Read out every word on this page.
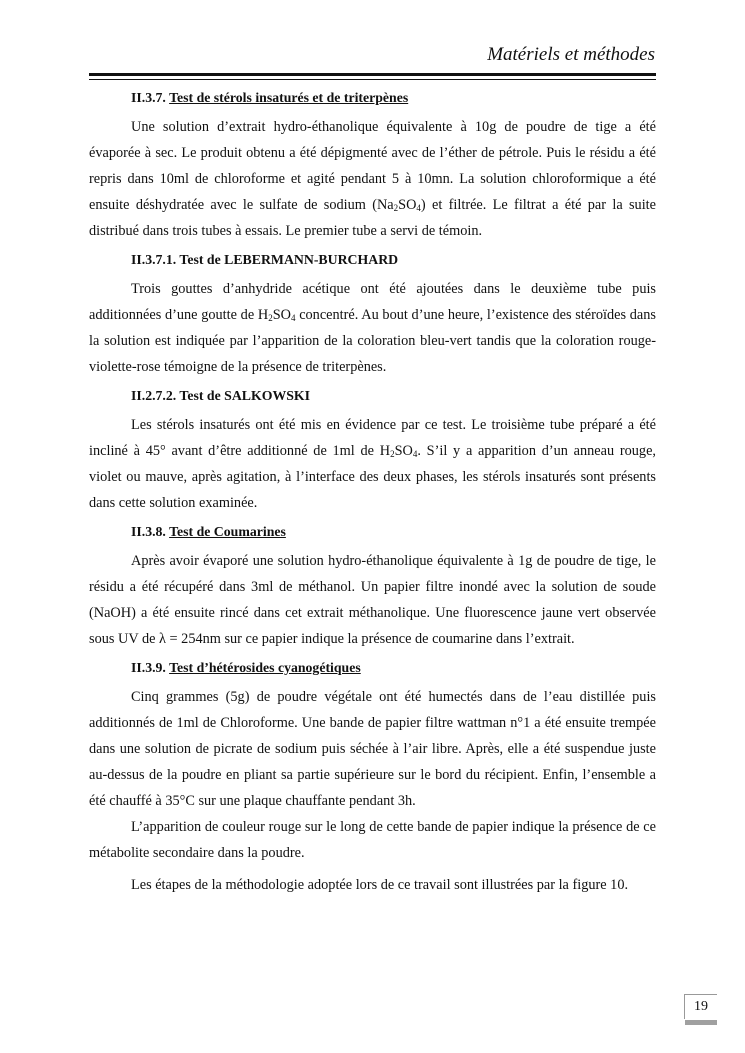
Matériels et méthodes
II.3.7. Test de stérols insaturés et de triterpènes

Une solution d’extrait hydro-éthanolique équivalente à 10g de poudre de tige a été évaporée à sec. Le produit obtenu a été dépigmenté avec de l’éther de pétrole. Puis le résidu a été repris dans 10ml de chloroforme et agité pendant 5 à 10mn. La solution chloroformique a été ensuite déshydratée avec le sulfate de sodium $(Na_2SO_4)$ et filtrée. Le filtrat a été par la suite distribué dans trois tubes à essais. Le premier tube a servi de témoin.

II.3.7.1. Test de LEBERMANN-BURCHARD

Trois gouttes d’anhydride acétique ont été ajoutées dans le deuxième tube puis additionnées d’une goutte de $H_2SO_4$ concentré. Au bout d’une heure, l’existence des stéroïdes dans la solution est indiquée par l’apparition de la coloration bleu-vert tandis que la coloration rouge-violette-rose témoigne de la présence de triterpènes.

II.2.7.2. Test de SALKOWSKI

Les stérols insaturés ont été mis en évidence par ce test. Le troisième tube préparé a été incliné à 45° avant d’être additionné de 1ml de $H_2SO_4$. S’il y a apparition d’un anneau rouge, violet ou mauve, après agitation, à l’interface des deux phases, les stérols insaturés sont présents dans cette solution examinée.

II.3.8. Test de Coumarines

Après avoir évaporé une solution hydro-éthanolique équivalente à 1g de poudre de tige, le résidu a été récupéré dans 3ml de méthanol. Un papier filtre inondé avec la solution de soude (NaOH) a été ensuite rincé dans cet extrait méthanolique. Une fluorescence jaune vert observée sous UV de λ = 254nm sur ce papier indique la présence de coumarine dans l’extrait.

II.3.9. Test d’hétérosides cyanogétiques

Cinq grammes (5g) de poudre végétale ont été humectés dans de l’eau distillée puis additionnés de 1ml de Chloroforme. Une bande de papier filtre wattman n°1 a été ensuite trempée dans une solution de picrate de sodium puis séchée à l’air libre. Après, elle a été suspendue juste au-dessus de la poudre en pliant sa partie supérieure sur le bord du récipient. Enfin, l’ensemble a été chauffé à 35°C sur une plaque chauffante pendant 3h.

L’apparition de couleur rouge sur le long de cette bande de papier indique la présence de ce métabolite secondaire dans la poudre.

Les étapes de la méthodologie adoptée lors de ce travail sont illustrées par la figure 10.

19
